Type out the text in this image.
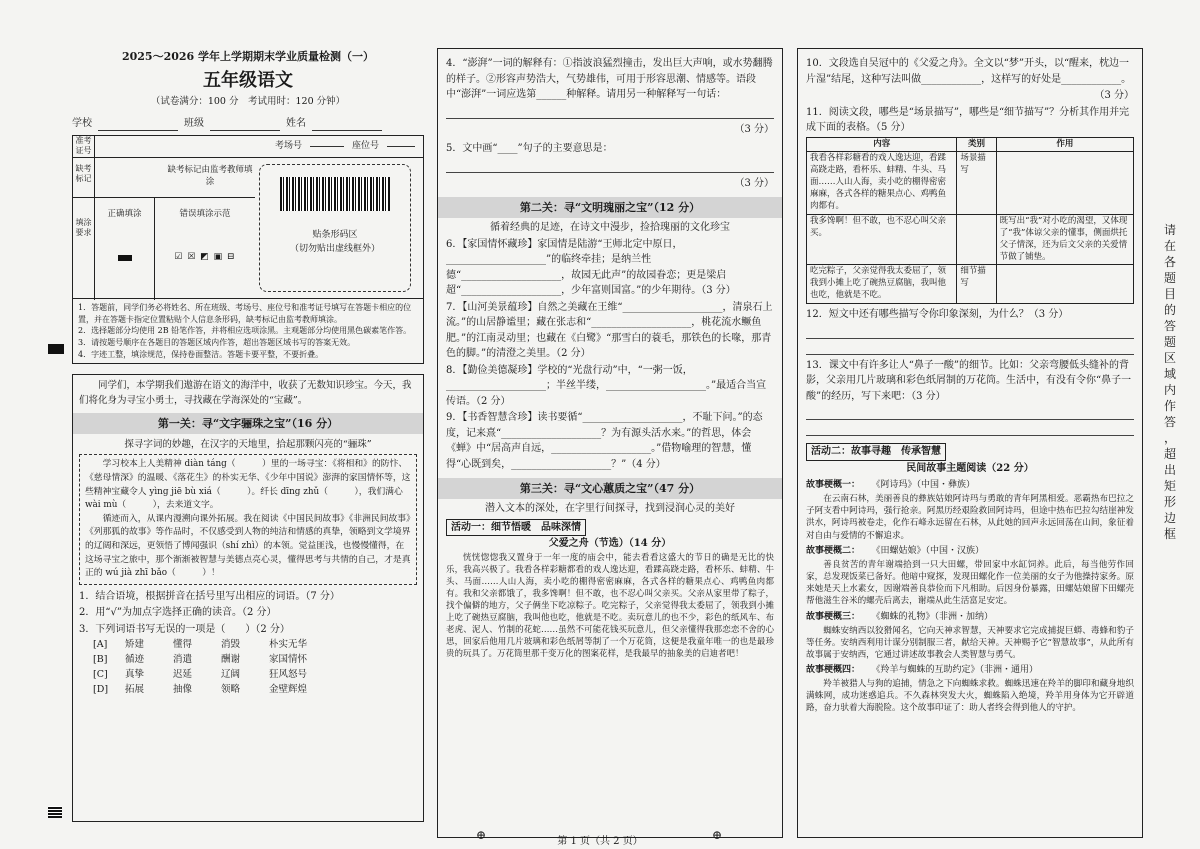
2025～2026 学年上学期期末学业质量检测（一）
五年级语文
（试卷满分：100 分　考试用时：120 分钟）
学校	班级	姓名
准考证号	考场号	座位号
缺考标记
缺考标记由监考教师填涂
填涂要求
正确填涂	错误填涂示范
☑ ☒ ◩ ▣ ⊟
贴条形码区
（切勿贴出虚线框外）
1．答题前，同学们务必将姓名、所在班级、考场号、座位号和准考证号填写在答题卡相应的位置，并在答题卡指定位置粘贴个人信息条形码，缺考标记由监考教师填涂。
2．选择题部分均使用 2B 铅笔作答，并将相应选项涂黑。主观题部分均使用黑色碳素笔作答。
3．请按题号顺序在各题目的答题区域内作答，超出答题区域书写的答案无效。
4．字迹工整，填涂规范，保持卷面整洁。答题卡要平整，不要折叠。
同学们，本学期我们遨游在语文的海洋中，收获了无数知识珍宝。今天，我们将化身为寻宝小勇士，寻找藏在学海深处的“宝藏”。
第一关：寻“文字骊珠之宝”（16 分）
探寻字词的妙趣，在汉字的天地里，拾起那颗闪亮的“骊珠”
学习校本上人美精神 diàn táng（　　　）里的一场寻宝：《将相和》的防忭、《慈母情深》的温暖、《落花生》的朴实无华、《少年中国说》澎湃的家国情怀等，这些精神宝藏令人 yìng jiē bù xiá（　　　）。纤长 dīng zhǔ（　　　），我们满心wài mù（　　　），去来道文字。
循迹而入，从课内漫溯向课外拓展。我在阅读《中国民间故事》《非洲民间故事》《列那狐的故事》等作品时，不仅感受到人物的纯洁和情感的真挚，领略到文学境界的辽阔和深远，更领悟了博闻强识（shí zhì）的本领。觉益匪浅，也慢慢懂得，在这场寻宝之旅中，那个渐渐被智慧与美德点亮心灵，懂得思考与共情的自己，才是真正的 wú jià zhī bǎo（　　　）！
1．结合语境，根据拼音在括号里写出相应的词语。（7 分）
2．用“√”为加点字选择正确的读音。（2 分）
3．下列词语书写无误的一项是（　　）（2 分）
[A]	矫建	懂得	消毁	朴实无华
[B]	循迹	消遣	酬谢	家国情怀
[C]	真挚	迟延	辽阔	狂风怒号
[D]	拓展	抽像	领略	金壁辉煌
4．“澎湃”一词的解释有：①指波浪猛烈撞击，发出巨大声响，或水势翻腾的样子。②形容声势浩大，气势雄伟，可用于形容思潮、情感等。语段中“澎湃”一词应选第______种解释。请用另一种解释写一句话：
（3 分）
5．文中画“____”句子的主要意思是：
（3 分）
第二关：寻“文明瑰丽之宝”（12 分）
循着经典的足迹，在诗文中漫步，捡拾瑰丽的文化珍宝
6．【家国情怀藏珍】家国情是陆游“王师北定中原日，____________________”的临终牵挂；是纳兰性德“____________________，故园无此声”的故园眷恋；更是梁启超“____________________，少年富则国富。”的少年期待。（3 分）
7．【山河美景蕴珍】自然之美藏在王维“____________________，清泉石上流。”的山居静谧里；藏在张志和“____________________，桃花流水鳜鱼肥。”的江南灵动里；也藏在《白鹭》“那雪白的蓑毛，那铁色的长喙，那青色的脚。”的清澄之美里。（2 分）
8．【勤俭美德凝珍】学校的“光盘行动”中，“一粥一饭，____________________；半丝半缕，____________________。”最适合当宣传语。（2 分）
9．【书香智慧含珍】读书要循“____________________，不耻下问。”的态度，记来熹“____________________？为有源头活水来。”的哲思，体会《蝉》中“居高声自远，____________________。”借物喻理的智慧，懂得“心既到矣，____________________？”（4 分）
第三关：寻“文心蕙质之宝”（47 分）
潜入文本的深处，在字里行间探寻，找到浸润心灵的美好
活动一：细节悟暖　品味深情
父爱之舟（节选）（14 分）
恍恍惚惚我又置身于一年一度的庙会中，能去看看这盛大的节日的确是无比的快乐，我高兴极了。我看各样彩糖都看的戏人逸达迎，看蹂高跷走路，看杯乐、蚌精、牛头、马面……人山人海，卖小吃的棚得密密麻麻，各式各样的糖果点心、鸡鸭鱼肉都有。我和父亲都饿了，我多馋啊！但不敢，也不忍心叫父亲买。父亲从家里带了粽子，找个偏僻的地方，父子俩坐下吃凉粽子。吃完粽子，父亲觉得我太委屈了，领我到小摊上吃了碗热豆腐脑，我叫他也吃，他就是不吃。卖玩意儿的也不少，彩色的纸风车、布老虎、泥人、竹制的花蛇……虽然不可能花钱买玩意儿，但父亲懂得我那恋恋不舍的心思，回家后他用几片玻璃和彩色纸屑等制了一个万花筒，这便是我童年唯一的也是最珍贵的玩具了。万花筒里那千变万化的图案花样，是我最早的抽象美的启迪者吧！
10．文段选自吴冠中的《父爱之舟》。全文以“梦”开头，以“醒来，枕边一片湿”结尾，这种写法叫做____________，这样写的好处是____________。
（3 分）
11．阅读文段，哪些是“场景描写”，哪些是“细节描写”？分析其作用并完成下面的表格。（5 分）
内容	类别	作用
我看各样彩糖看的戏人逸达迎，看蹂高跷走路，看杯乐、蚌精、牛头、马面……人山人海，卖小吃的棚得密密麻麻，各式各样的糖果点心、鸡鸭鱼肉都有。	场景描写	
我多馋啊！但不敢，也不忍心叫父亲买。		既写出“我”对小吃的渴望，又体现了“我”体谅父亲的懂事，侧面烘托父子情深，还为后文父亲的关爱情节做了铺垫。
吃完粽子，父亲觉得我太委屈了，领我到小摊上吃了碗热豆腐脑，我叫他也吃，他就是不吃。	细节描写	
12．短文中还有哪些描写令你印象深刻，为什么？（3 分）
13．课文中有许多让人“鼻子一酸”的细节。比如：父亲弯腰低头缝补的背影，父亲用几片玻璃和彩色纸屑制的万花筒。生活中，有没有令你“鼻子一酸”的经历，写下来吧：（3 分）
活动二：故事寻趣　传承智慧
民间故事主题阅读（22 分）
故事梗概一： 《阿诗玛》（中国・彝族）
在云南石林，美丽善良的彝族姑娘阿诗玛与勇敢的青年阿黑相爱。恶霸热布巴拉之子阿支看中阿诗玛，强行抢亲。阿黑历经艰险救回阿诗玛，但途中热布巴拉勾结崖神发洪水，阿诗玛被卷走，化作石峰永远留在石林，从此她的回声永远回荡在山间，象征着对自由与爱情的不懈追求。
故事梗概二： 《田螺姑娘》（中国・汉族）
善良贫苦的青年谢端拾到一只大田螺，带回家中水缸饲养。此后，每当他劳作回家，总发现饭菜已备好。他暗中窥探，发现田螺化作一位美丽的女子为他操持家务。原来她是天上水素女，因谢端善良恭俭而下凡相助。后因身份暴露，田螺姑娘留下田螺壳帮他滋生谷米的螺壳后离去，谢端从此生活富足安定。
故事梗概三： 《蜘蛛的礼物》（非洲・加纳）
蜘蛛安纳西以狡猾闻名，它向天神求智慧，天神要求它完成捕捉巨蟒、毒蜂和豹子等任务。安纳西利用计谋分别制服三者，献给天神。天神赐予它“智慧故事”，从此所有故事属于安纳西，它通过讲述故事教会人类智慧与勇气。
故事梗概四： 《羚羊与蜘蛛的互助约定》（非洲・通用）
羚羊被猎人与狗的追捕，情急之下向蜘蛛求救。蜘蛛迅速在羚羊的脚印和藏身地织满蛛网，成功迷惑追兵。不久森林突发大火，蜘蛛陷入绝境，羚羊用身体为它开辟道路，奋力驮着大海脱险。这个故事印证了：助人者终会得到他人的守护。
请
在
各
题
目
的
答
题
区
域
内
作
答
，
超
出
矩
形
边
框
第 1 页（共 2 页）
⊕	⊕
